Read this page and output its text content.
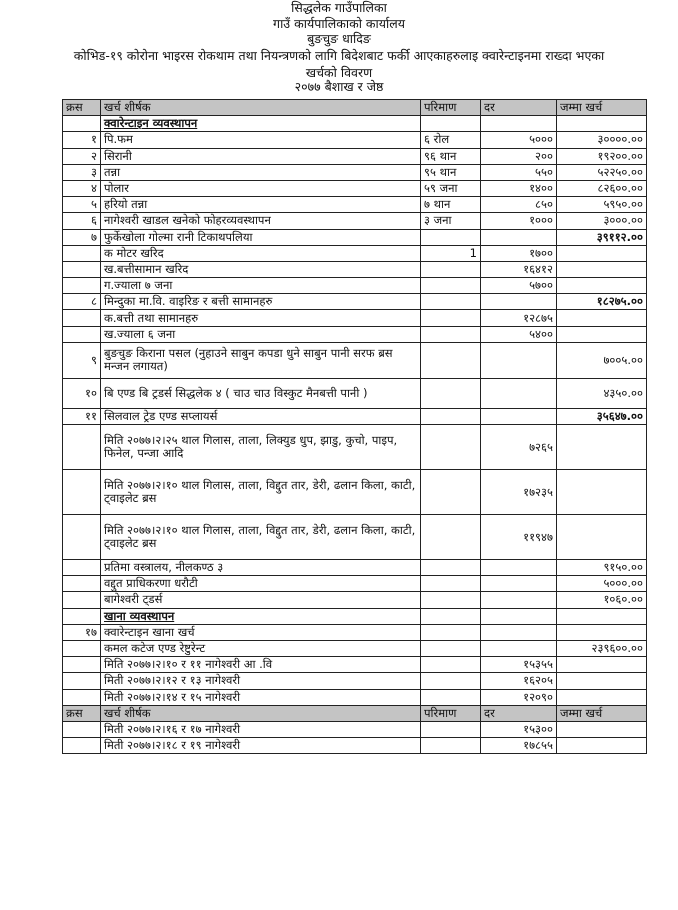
सिद्धलेक गाउँपालिका
गाउँ कार्यपालिकाको कार्यालय
बुङचुङ धादिङ
कोभिड-१९ कोरोना भाइरस रोकथाम तथा नियन्त्रणको लागि बिदेशबाट फर्की आएकाहरुलाइ क्वारेन्टाइनमा राख्दा भएका
खर्चको विवरण
२०७७ बैशाख र जेष्ठ
क्रस	खर्च शीर्षक	परिमाण	दर	जम्मा खर्च
	क्वारेन्टाइन व्यवस्थापन			
१	पि.फम	६ रोल	५०००	३००००.००
२	सिरानी	९६ थान	२००	१९२००.००
३	तन्ना	९५ थान	५५०	५२२५०.००
४	पोलार	५९ जना	१४००	८२६००.००
५	हरियो तन्ना	७ थान	८५०	५९५०.००
६	नागेश्वरी खाडल खनेको फोहरव्यवस्थापन	३ जना	१०००	३०००.००
७	फुर्केखोला गोल्मा रानी टिकाथपलिया			३९११२.००
	क मोटर खरिद	1	१७००	
	ख.बत्तीसामान खरिद		१६४१२	
	ग.ज्याला ७ जना		५७००	
८	मिन्दुका मा.वि. वाइरिङ र बत्ती सामानहरु			१८२७५.००
	क.बत्ती तथा सामानहरु		१२८७५	
	ख.ज्याला ६ जना		५४००	
९	बुङचुङ किराना पसल (नुहाउने साबुन कपडा धुने साबुन पानी सरफ ब्रस मन्जन लगायत)			७००५.००
१०	बि एण्ड बि ट्रडर्स सिद्धलेक ४ ( चाउ चाउ विस्कुट मैनबत्ती पानी )			४३५०.००
११	सिलवाल ट्रेड एण्ड सप्लायर्स			३५६४७.००
	मिति २०७७।२।२५ थाल गिलास, ताला, लिक्युड धुप, झाडु, कुचो, पाइप, फिनेल, पन्जा आदि		७२६५	
	मिति २०७७।२।१० थाल गिलास, ताला, विद्दुत तार, डेरी, ढलान किला, काटी, ट्वाइलेट ब्रस		१७२३५	
	मिति २०७७।२।१० थाल गिलास, ताला, विद्दुत तार, डेरी, ढलान किला, काटी, ट्वाइलेट ब्रस		११९४७	
	प्रतिमा वस्त्रालय, नीलकण्ठ ३			९१५०.००
	वद्दुत प्राधिकरणा धरौटी			५०००.००
	बागेश्वरी ट्डर्स			१०६०.००
	खाना व्यवस्थापन			
१७	क्वारेन्टाइन खाना खर्च			
	कमल कटेज एण्ड रेष्टुरेन्ट			२३९६००.००
	मिति २०७७।२।१० र ११ नागेश्वरी आ .वि		१५३५५	
	मिती २०७७।२।१२ र १३ नागेश्वरी		१६२०५	
	मिती २०७७।२।१४ र १५ नागेश्वरी		१२०९०	
क्रस	खर्च शीर्षक	परिमाण	दर	जम्मा खर्च
	मिती २०७७।२।१६ र १७ नागेश्वरी		१५३००	
	मिती २०७७।२।१८ र १९ नागेश्वरी		१७८५५	
